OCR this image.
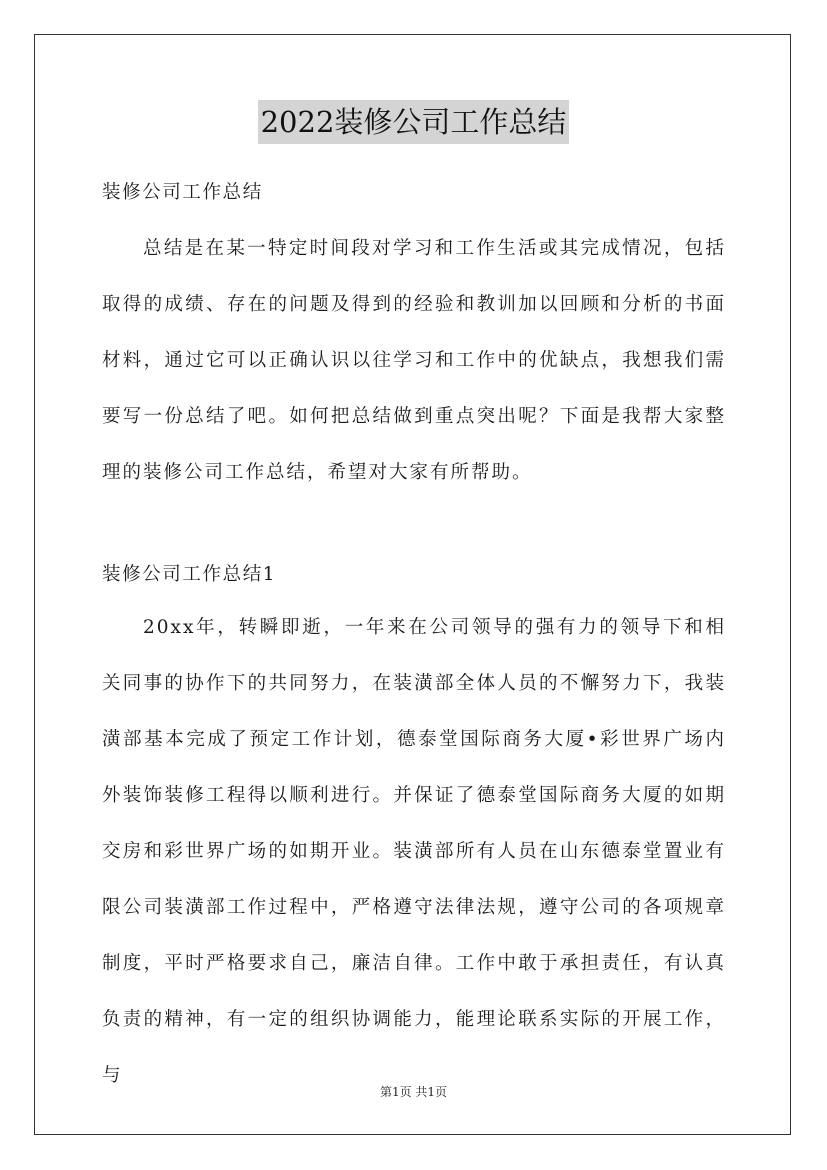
2022装修公司工作总结
装修公司工作总结

总结是在某一特定时间段对学习和工作生活或其完成情况，包括取得的成绩、存在的问题及得到的经验和教训加以回顾和分析的书面材料，通过它可以正确认识以往学习和工作中的优缺点，我想我们需要写一份总结了吧。如何把总结做到重点突出呢？下面是我帮大家整理的装修公司工作总结，希望对大家有所帮助。

装修公司工作总结1

20xx年，转瞬即逝，一年来在公司领导的强有力的领导下和相关同事的协作下的共同努力，在装潢部全体人员的不懈努力下，我装潢部基本完成了预定工作计划，德泰堂国际商务大厦•彩世界广场内外装饰装修工程得以顺利进行。并保证了德泰堂国际商务大厦的如期交房和彩世界广场的如期开业。装潢部所有人员在山东德泰堂置业有限公司装潢部工作过程中，严格遵守法律法规，遵守公司的各项规章制度，平时严格要求自己，廉洁自律。工作中敢于承担责任，有认真负责的精神，有一定的组织协调能力，能理论联系实际的开展工作，与

第1页 共1页
